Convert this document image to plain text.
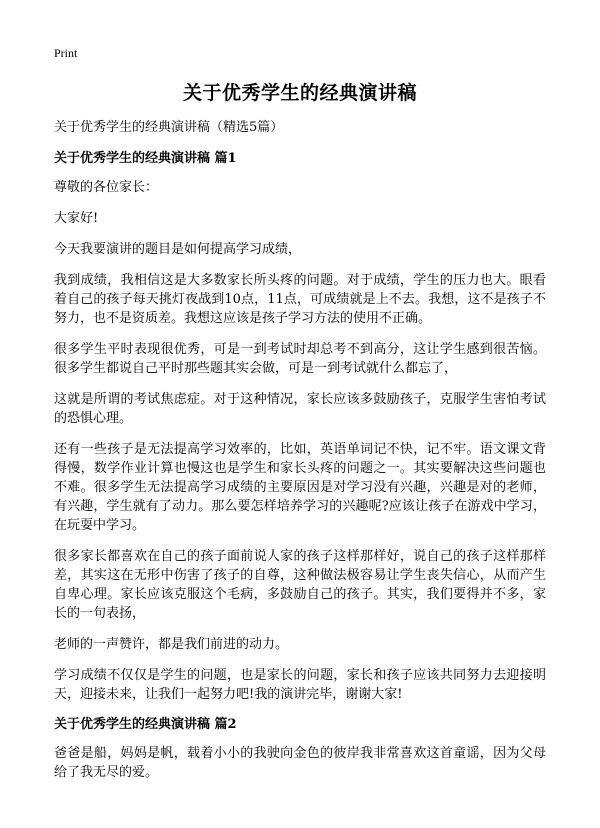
Print
关于优秀学生的经典演讲稿
关于优秀学生的经典演讲稿（精选5篇）
关于优秀学生的经典演讲稿 篇1

尊敬的各位家长：

大家好!

今天我要演讲的题目是如何提高学习成绩，

我到成绩，我相信这是大多数家长所头疼的问题。对于成绩，学生的压力也大。眼看着自己的孩子每天挑灯夜战到10点，11点，可成绩就是上不去。我想，这不是孩子不努力，也不是资质差。我想这应该是孩子学习方法的使用不正确。

很多学生平时表现很优秀，可是一到考试时却总考不到高分，这让学生感到很苦恼。很多学生都说自己平时那些题其实会做，可是一到考试就什么都忘了，

这就是所谓的考试焦虑症。对于这种情况，家长应该多鼓励孩子，克服学生害怕考试的恐惧心理。

还有一些孩子是无法提高学习效率的，比如，英语单词记不快，记不牢。语文课文背得慢，数学作业计算也慢这也是学生和家长头疼的问题之一。其实要解决这些问题也不难。很多学生无法提高学习成绩的主要原因是对学习没有兴趣，兴趣是对的老师，有兴趣，学生就有了动力。那么要怎样培养学习的兴趣呢?应该让孩子在游戏中学习，在玩耍中学习。

很多家长都喜欢在自己的孩子面前说人家的孩子这样那样好，说自己的孩子这样那样差，其实这在无形中伤害了孩子的自尊，这种做法极容易让学生丧失信心，从而产生自卑心理。家长应该克服这个毛病，多鼓励自己的孩子。其实，我们要得并不多，家长的一句表扬，

老师的一声赞许，都是我们前进的动力。

学习成绩不仅仅是学生的问题，也是家长的问题，家长和孩子应该共同努力去迎接明天，迎接未来，让我们一起努力吧!我的演讲完毕，谢谢大家!

关于优秀学生的经典演讲稿 篇2

爸爸是船，妈妈是帆，载着小小的我驶向金色的彼岸我非常喜欢这首童谣，因为父母给了我无尽的爱。
